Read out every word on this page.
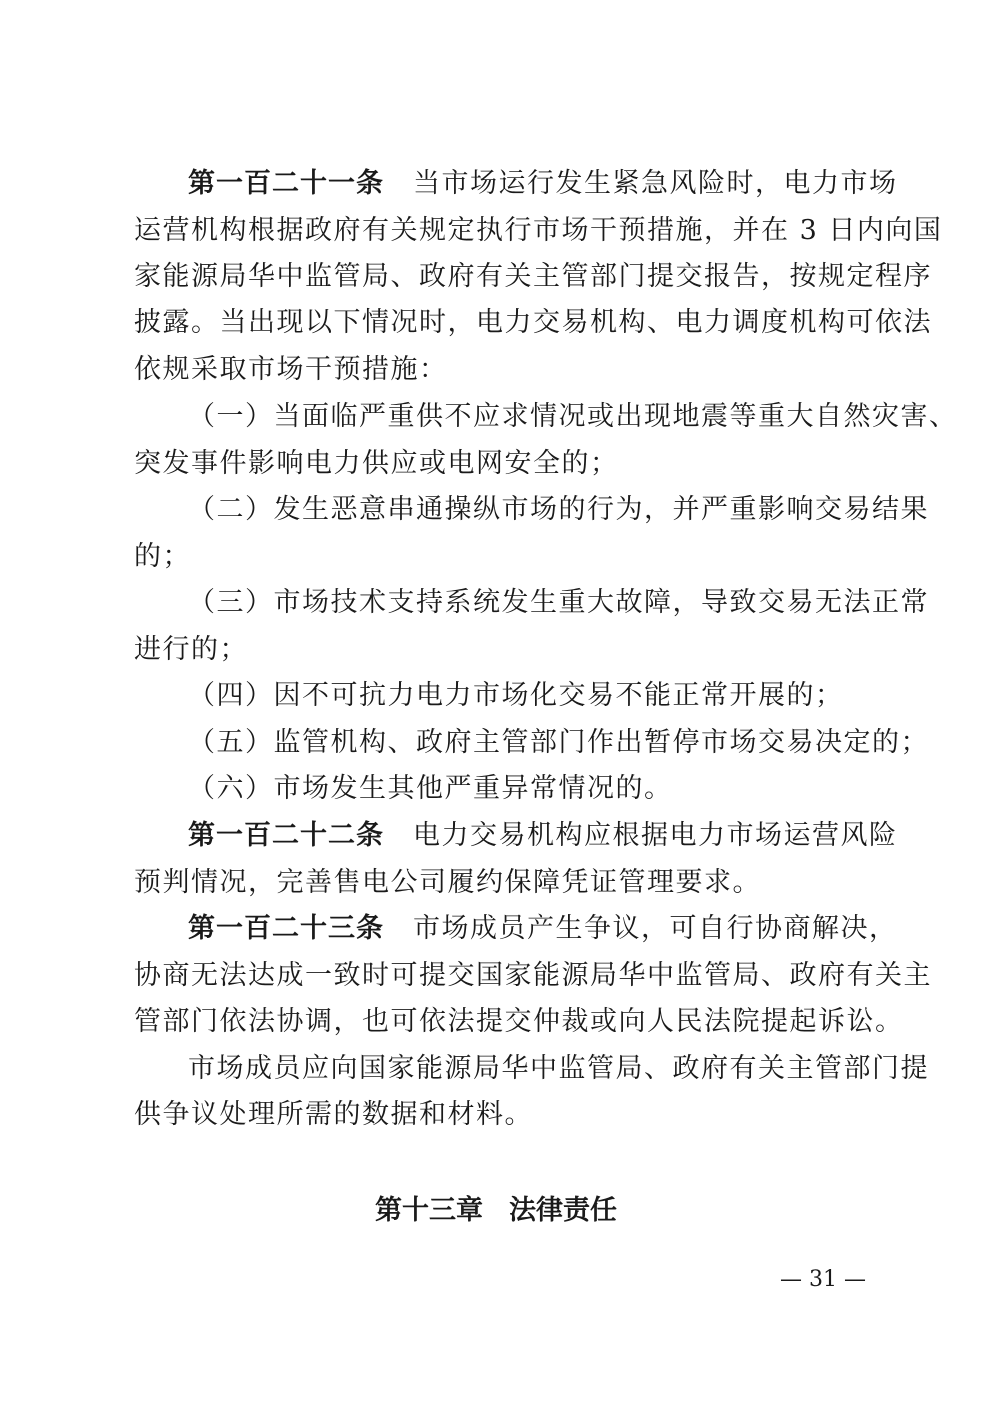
第一百二十一条 当市场运行发生紧急风险时，电力市场
运营机构根据政府有关规定执行市场干预措施，并在 3 日内向国
家能源局华中监管局、政府有关主管部门提交报告，按规定程序
披露。当出现以下情况时，电力交易机构、电力调度机构可依法
依规采取市场干预措施：
（一）当面临严重供不应求情况或出现地震等重大自然灾害、
突发事件影响电力供应或电网安全的；
（二）发生恶意串通操纵市场的行为，并严重影响交易结果
的；
（三）市场技术支持系统发生重大故障，导致交易无法正常
进行的；
（四）因不可抗力电力市场化交易不能正常开展的；
（五）监管机构、政府主管部门作出暂停市场交易决定的；
（六）市场发生其他严重异常情况的。
第一百二十二条 电力交易机构应根据电力市场运营风险
预判情况，完善售电公司履约保障凭证管理要求。
第一百二十三条 市场成员产生争议，可自行协商解决，
协商无法达成一致时可提交国家能源局华中监管局、政府有关主
管部门依法协调，也可依法提交仲裁或向人民法院提起诉讼。
市场成员应向国家能源局华中监管局、政府有关主管部门提
供争议处理所需的数据和材料。
第十三章 法律责任
— 31 —
